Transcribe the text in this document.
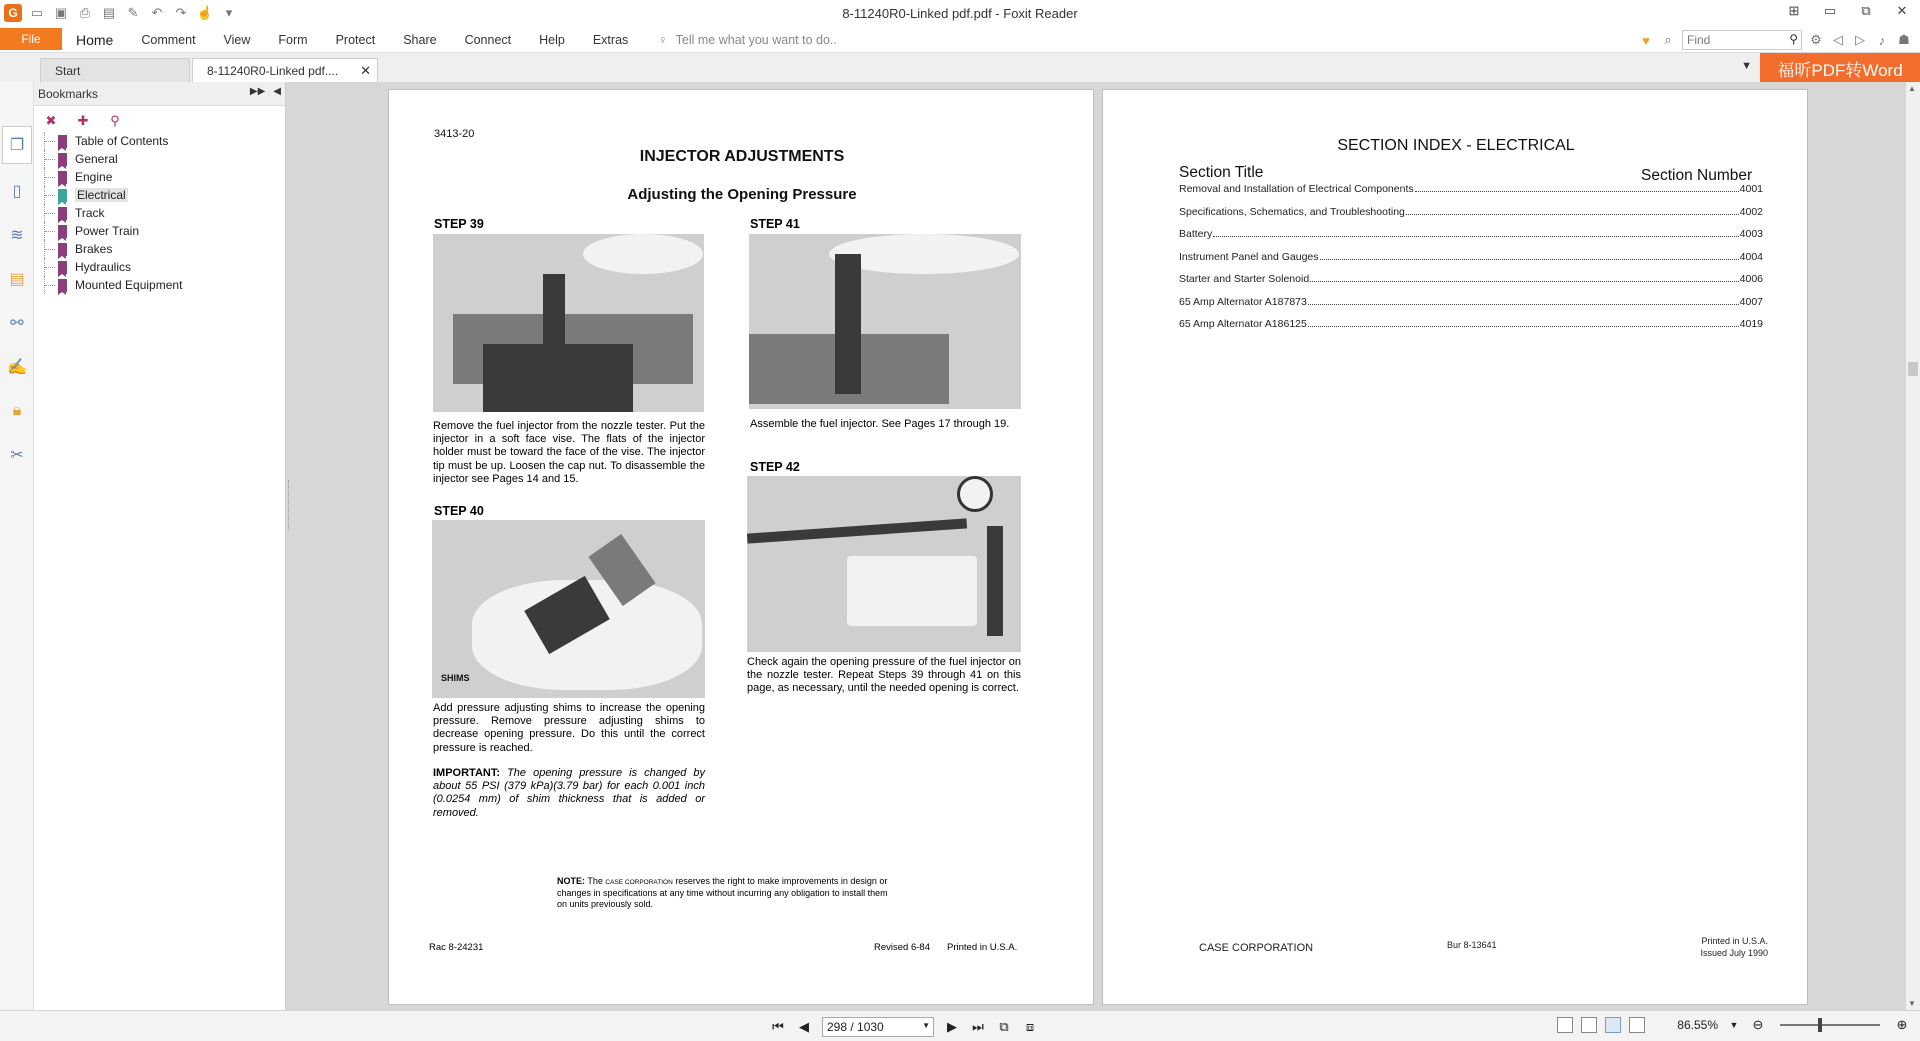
G	▭ ▣ ⎙ ▤ ✎ ↶ ↷ ☝ ▾	8-11240R0-Linked pdf.pdf - Foxit Reader	⊞	▭	⧉	✕
File	Home	Comment	View	Form	Protect	Share	Connect	Help	Extras	♀ Tell me what you want to do..	♥	⌕	Find	⚲ ⚙ ◁ ▷	♪ ☗
Start	8-11240R0-Linked pdf.... ✕	▼	福昕PDF转Word
❐
▯
≋
▤
⚯
✍
🔒︎
✂
Bookmarks	▶▶ ◀
✖ ✚	⚲
Table of Contents
General
Engine
Electrical
Track
Power Train
Brakes
Hydraulics
Mounted Equipment
3413-20
INJECTOR ADJUSTMENTS
Adjusting the Opening Pressure
STEP 39
Remove the fuel injector from the nozzle tester. Put the injector in a soft face vise. The flats of the injector holder must be toward the face of the vise. The injector tip must be up. Loosen the cap nut. To disassemble the injector see Pages 14 and 15.
STEP 40
SHIMS
Add pressure adjusting shims to increase the opening pressure. Remove pressure adjusting shims to decrease opening pressure. Do this until the correct pressure is reached.
IMPORTANT: The opening pressure is changed by about 55 PSI (379 kPa)(3.79 bar) for each 0.001 inch (0.0254 mm) of shim thickness that is added or removed.
STEP 41
Assemble the fuel injector. See Pages 17 through 19.
STEP 42
Check again the opening pressure of the fuel injector on the nozzle tester. Repeat Steps 39 through 41 on this page, as necessary, until the needed opening is correct.
NOTE: The CASE CORPORATION reserves the right to make improvements in design or changes in specifications at any time without incurring any obligation to install them on units previously sold.
Rac 8-24231	Revised 6-84 Printed in U.S.A.
SECTION INDEX - ELECTRICAL
Section Title	Section Number
Removal and Installation of Electrical Components	4001
Specifications, Schematics, and Troubleshooting	4002
Battery	4003
Instrument Panel and Gauges	4004
Starter and Starter Solenoid	4006
65 Amp Alternator A187873	4007
65 Amp Alternator A186125	4019
CASE CORPORATION	Bur 8-13641	Printed in U.S.A.
Issued July 1990
▲
▼
⏮ ◀	298 / 1030	▼ ▶ ⏭ ⧉ ⧈	86.55%	▼ ⊖	⊕
